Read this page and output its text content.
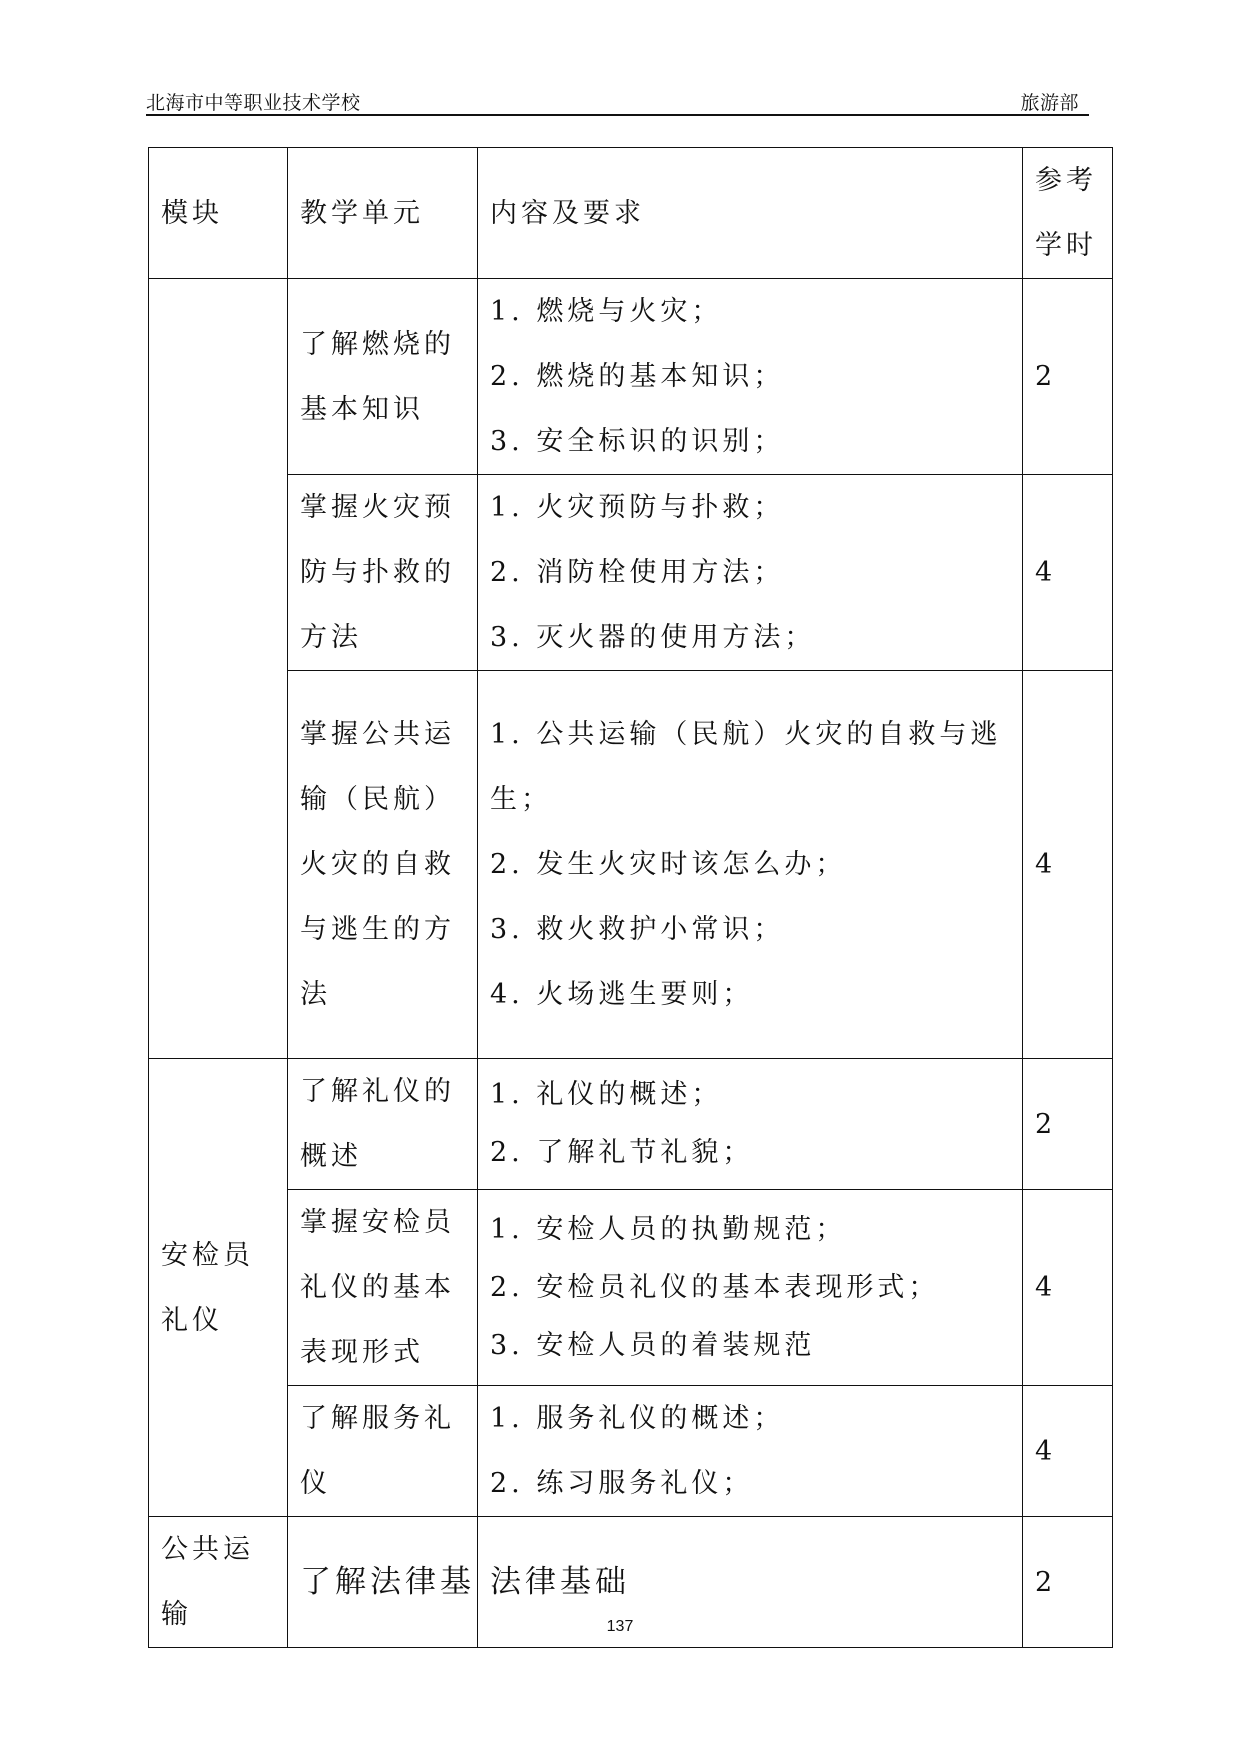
北海市中等职业技术学校	旅游部
模块	教学单元	内容及要求	参考学时
	了解燃烧的基本知识	1. 燃烧与火灾；
2. 燃烧的基本知识；
3. 安全标识的识别；	2
	掌握火灾预防与扑救的方法	1. 火灾预防与扑救；
2. 消防栓使用方法；
3. 灭火器的使用方法；	4
	掌握公共运输（民航）火灾的自救与逃生的方法	1. 公共运输（民航）火灾的自救与逃生；
2. 发生火灾时该怎么办；
3. 救火救护小常识；
4. 火场逃生要则；	4
安检员礼仪	了解礼仪的概述	1. 礼仪的概述；
2. 了解礼节礼貌；	2
	掌握安检员礼仪的基本表现形式	1. 安检人员的执勤规范；
2. 安检员礼仪的基本表现形式；
3. 安检人员的着装规范	4
	了解服务礼仪	1. 服务礼仪的概述；
2. 练习服务礼仪；	4
公共运输	了解法律基	法律基础	2
137
